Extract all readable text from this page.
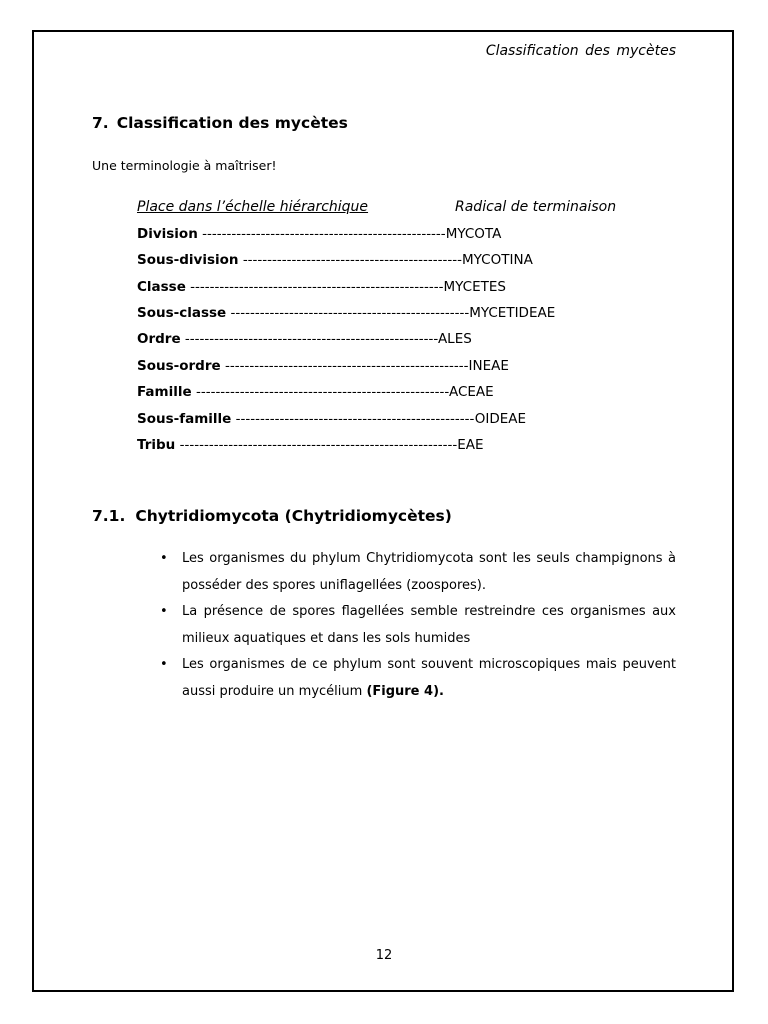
Classification des mycètes
7. Classification des mycètes
Une terminologie à maîtriser!
Place dans l’échelle hiérarchique	Radical de terminaison
Division --------------------------------------------------MYCOTA
Sous-division ---------------------------------------------MYCOTINA
Classe ----------------------------------------------------MYCETES
Sous-classe -------------------------------------------------MYCETIDEAE
Ordre ----------------------------------------------------ALES
Sous-ordre --------------------------------------------------INEAE
Famille ----------------------------------------------------ACEAE
Sous-famille -------------------------------------------------OIDEAE
Tribu ---------------------------------------------------------EAE
7.1. Chytridiomycota (Chytridiomycètes)
• Les organismes du phylum Chytridiomycota sont les seuls champignons à posséder des spores uniflagellées (zoospores).
• La présence de spores flagellées semble restreindre ces organismes aux milieux aquatiques et dans les sols humides
• Les organismes de ce phylum sont souvent microscopiques mais peuvent aussi produire un mycélium (Figure 4).
12
